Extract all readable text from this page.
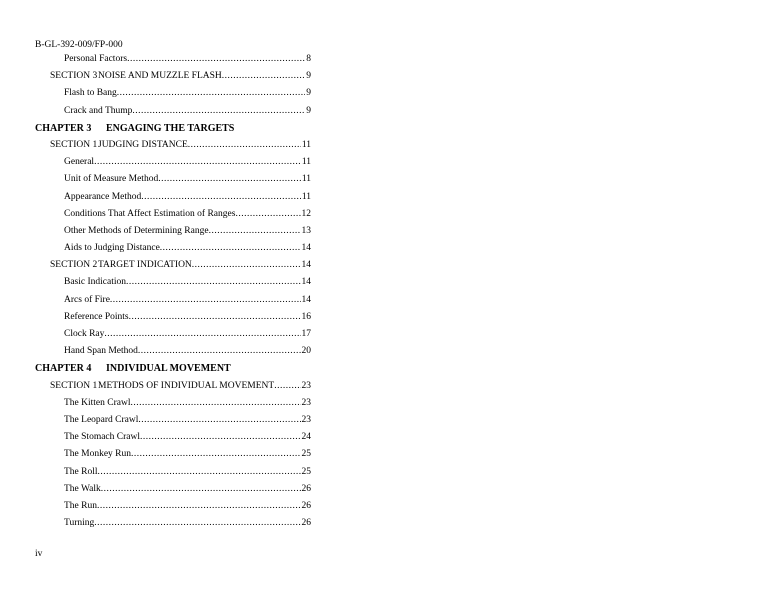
B-GL-392-009/FP-000
Personal Factors .....	8
SECTION 3NOISE AND MUZZLE FLASH .....	9
Flash to Bang .....	9
Crack and Thump .....	9
CHAPTER 3 ENGAGING THE TARGETS
SECTION 1JUDGING DISTANCE .....	11
General .....	11
Unit of Measure Method .....	11
Appearance Method .....	11
Conditions That Affect Estimation of Ranges .....	12
Other Methods of Determining Range .....	13
Aids to Judging Distance .....	14
SECTION 2TARGET INDICATION .....	14
Basic Indication .....	14
Arcs of Fire .....	14
Reference Points .....	16
Clock Ray .....	17
Hand Span Method .....	20
CHAPTER 4 INDIVIDUAL MOVEMENT
SECTION 1METHODS OF INDIVIDUAL MOVEMENT .....	23
The Kitten Crawl .....	23
The Leopard Crawl .....	23
The Stomach Crawl .....	24
The Monkey Run .....	25
The Roll .....	25
The Walk .....	26
The Run .....	26
Turning .....	26
iv
